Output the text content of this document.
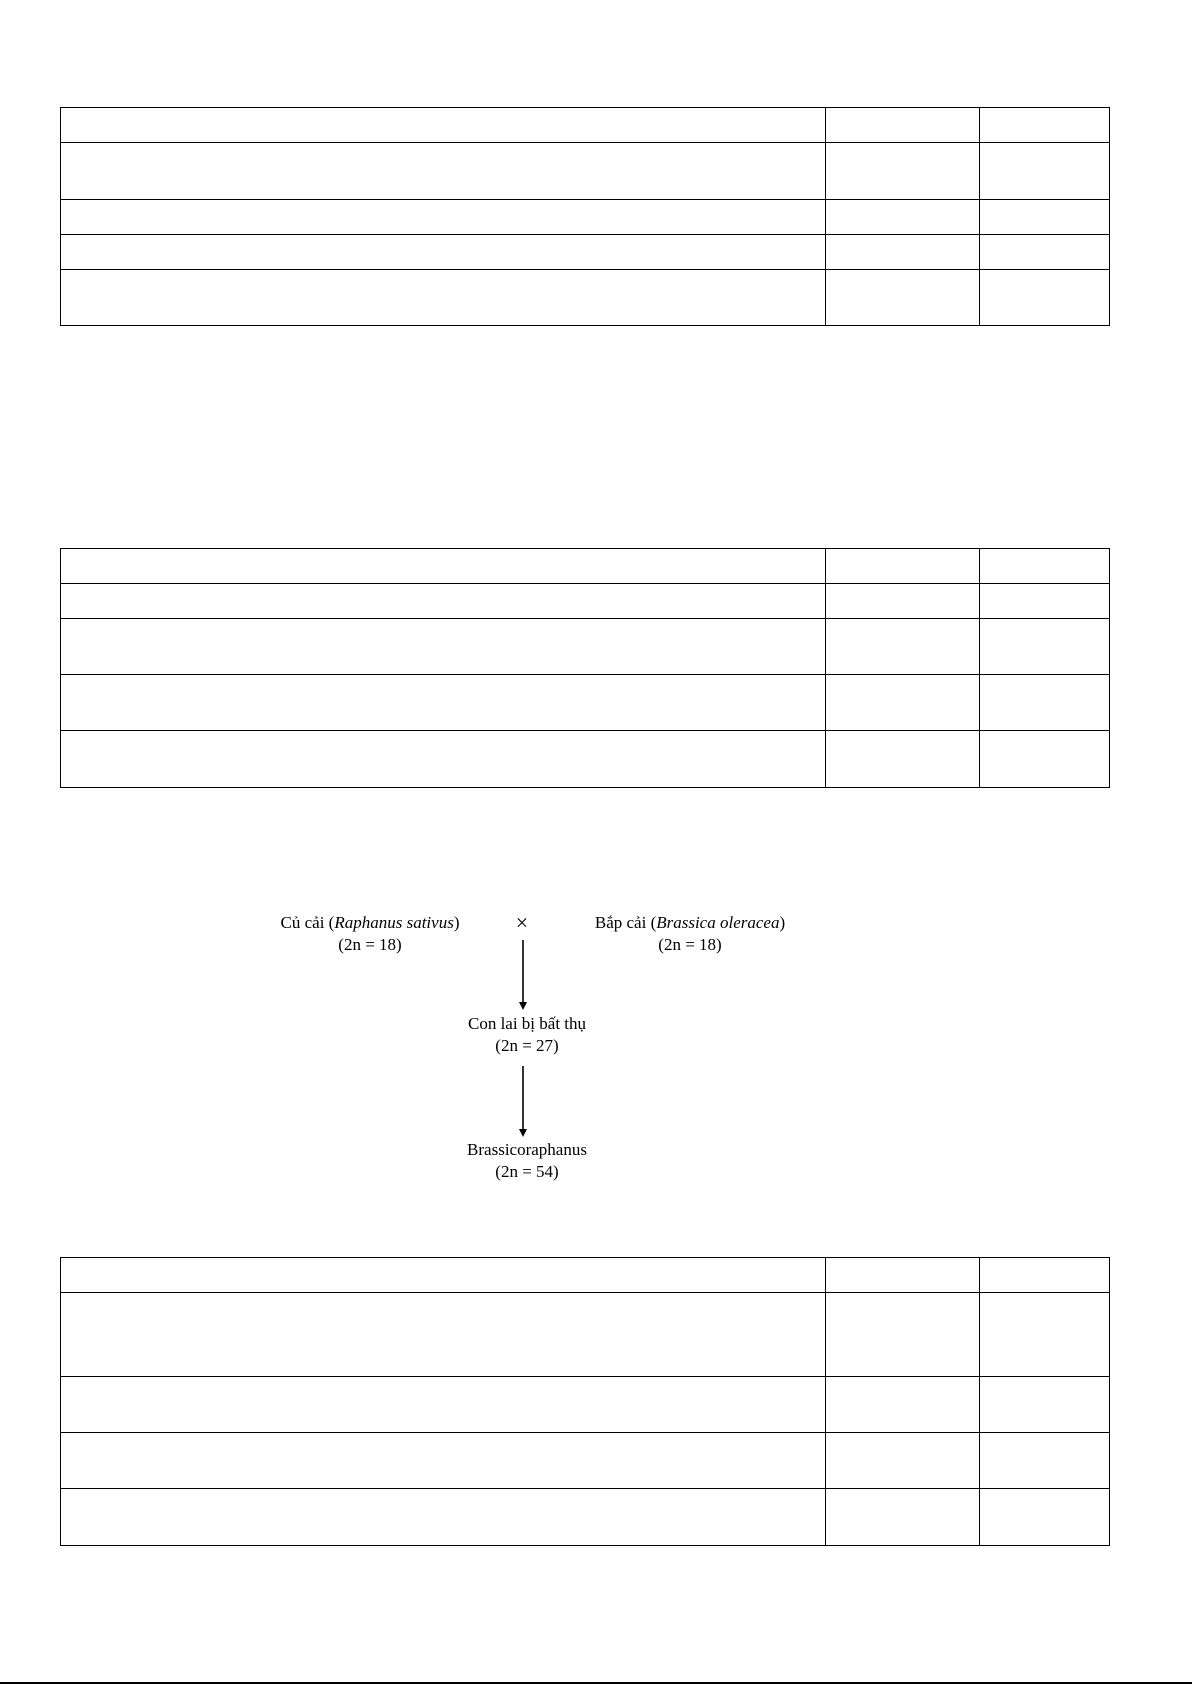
Củ cải (Raphanus sativus)
(2n = 18)
×	Bắp cải (Brassica oleracea)
(2n = 18)
Con lai bị bất thụ
(2n = 27)
Brassicoraphanus
(2n = 54)
